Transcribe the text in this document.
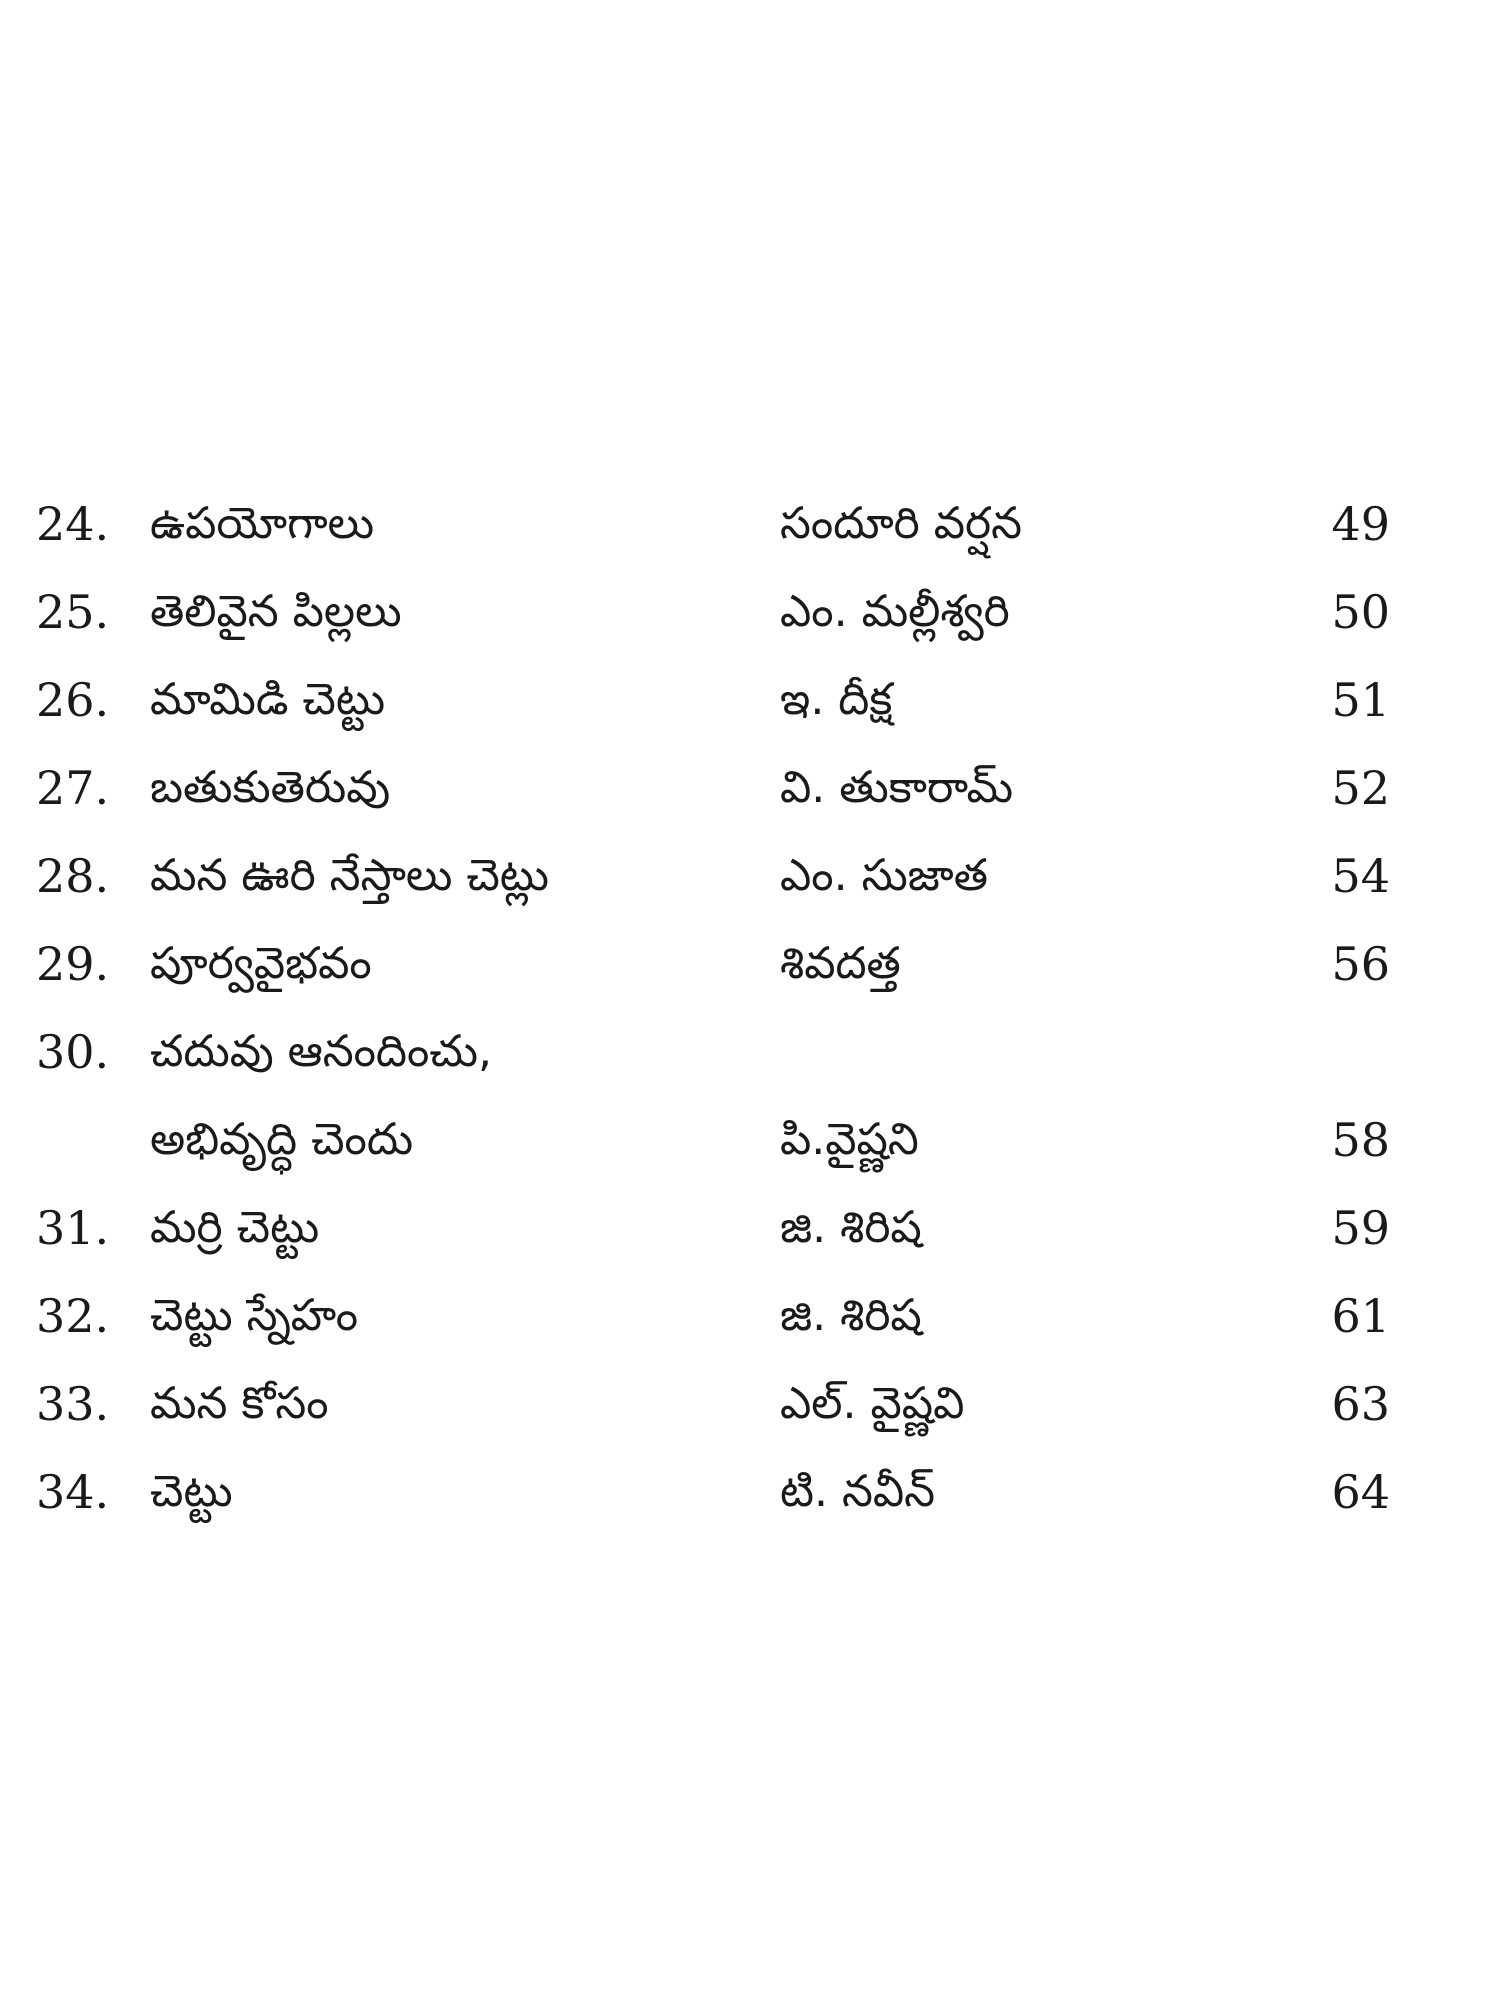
24. ఉపయోగాలు	సందూరి వర్షన	49
25. తెలివైన పిల్లలు	ఎం. మల్లీశ్వరి	50
26. మామిడి చెట్టు	ఇ. దీక్ష	51
27. బతుకుతెరువు	వి. తుకారామ్	52
28. మన ఊరి నేస్తాలు చెట్లు	ఎం. సుజాత	54
29. పూర్వవైభవం	శివదత్త	56
30. చదువు ఆనందించు,
అభివృద్ధి చెందు	పి.వైష్ణని	58
31. మర్రి చెట్టు	జి. శిరిష	59
32. చెట్టు స్నేహం	జి. శిరిష	61
33. మన కోసం	ఎల్. వైష్ణవి	63
34. చెట్టు	టి. నవీన్	64
